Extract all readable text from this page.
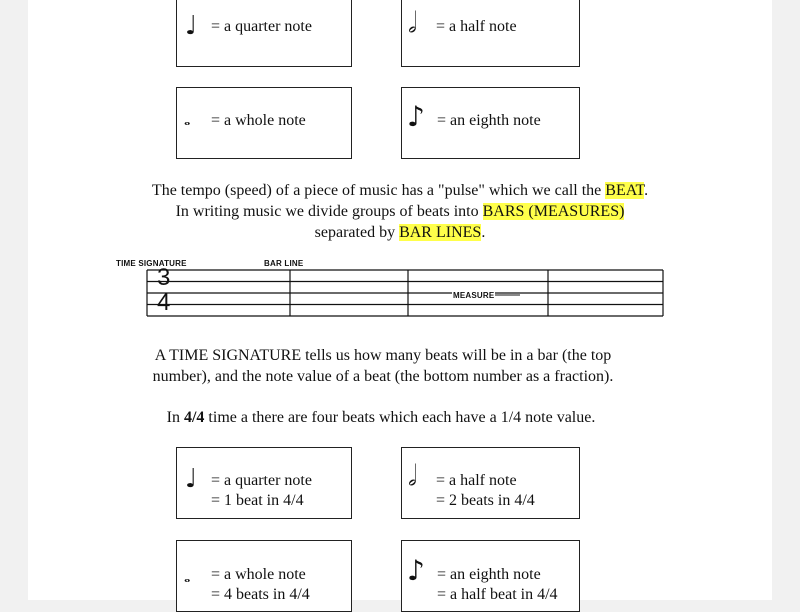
♩ = a quarter note	𝅗𝅥 = a half note
𝅝 = a whole note	♪ = an eighth note
The tempo (speed) of a piece of music has a "pulse" which we call the BEAT.
In writing music we divide groups of beats into BARS (MEASURES)
separated by BAR LINES.
TIME SIGNATURE	BAR LINE
3
4	MEASURE
A TIME SIGNATURE tells us how many beats will be in a bar (the top
number), and the note value of a beat (the bottom number as a fraction).
In 4/4 time a there are four beats which each have a 1/4 note value.
♩ = a quarter note
= 1 beat in 4/4
𝅗𝅥 = a half note
= 2 beats in 4/4
𝅝 = a whole note
= 4 beats in 4/4
♪ = an eighth note
= a half beat in 4/4
